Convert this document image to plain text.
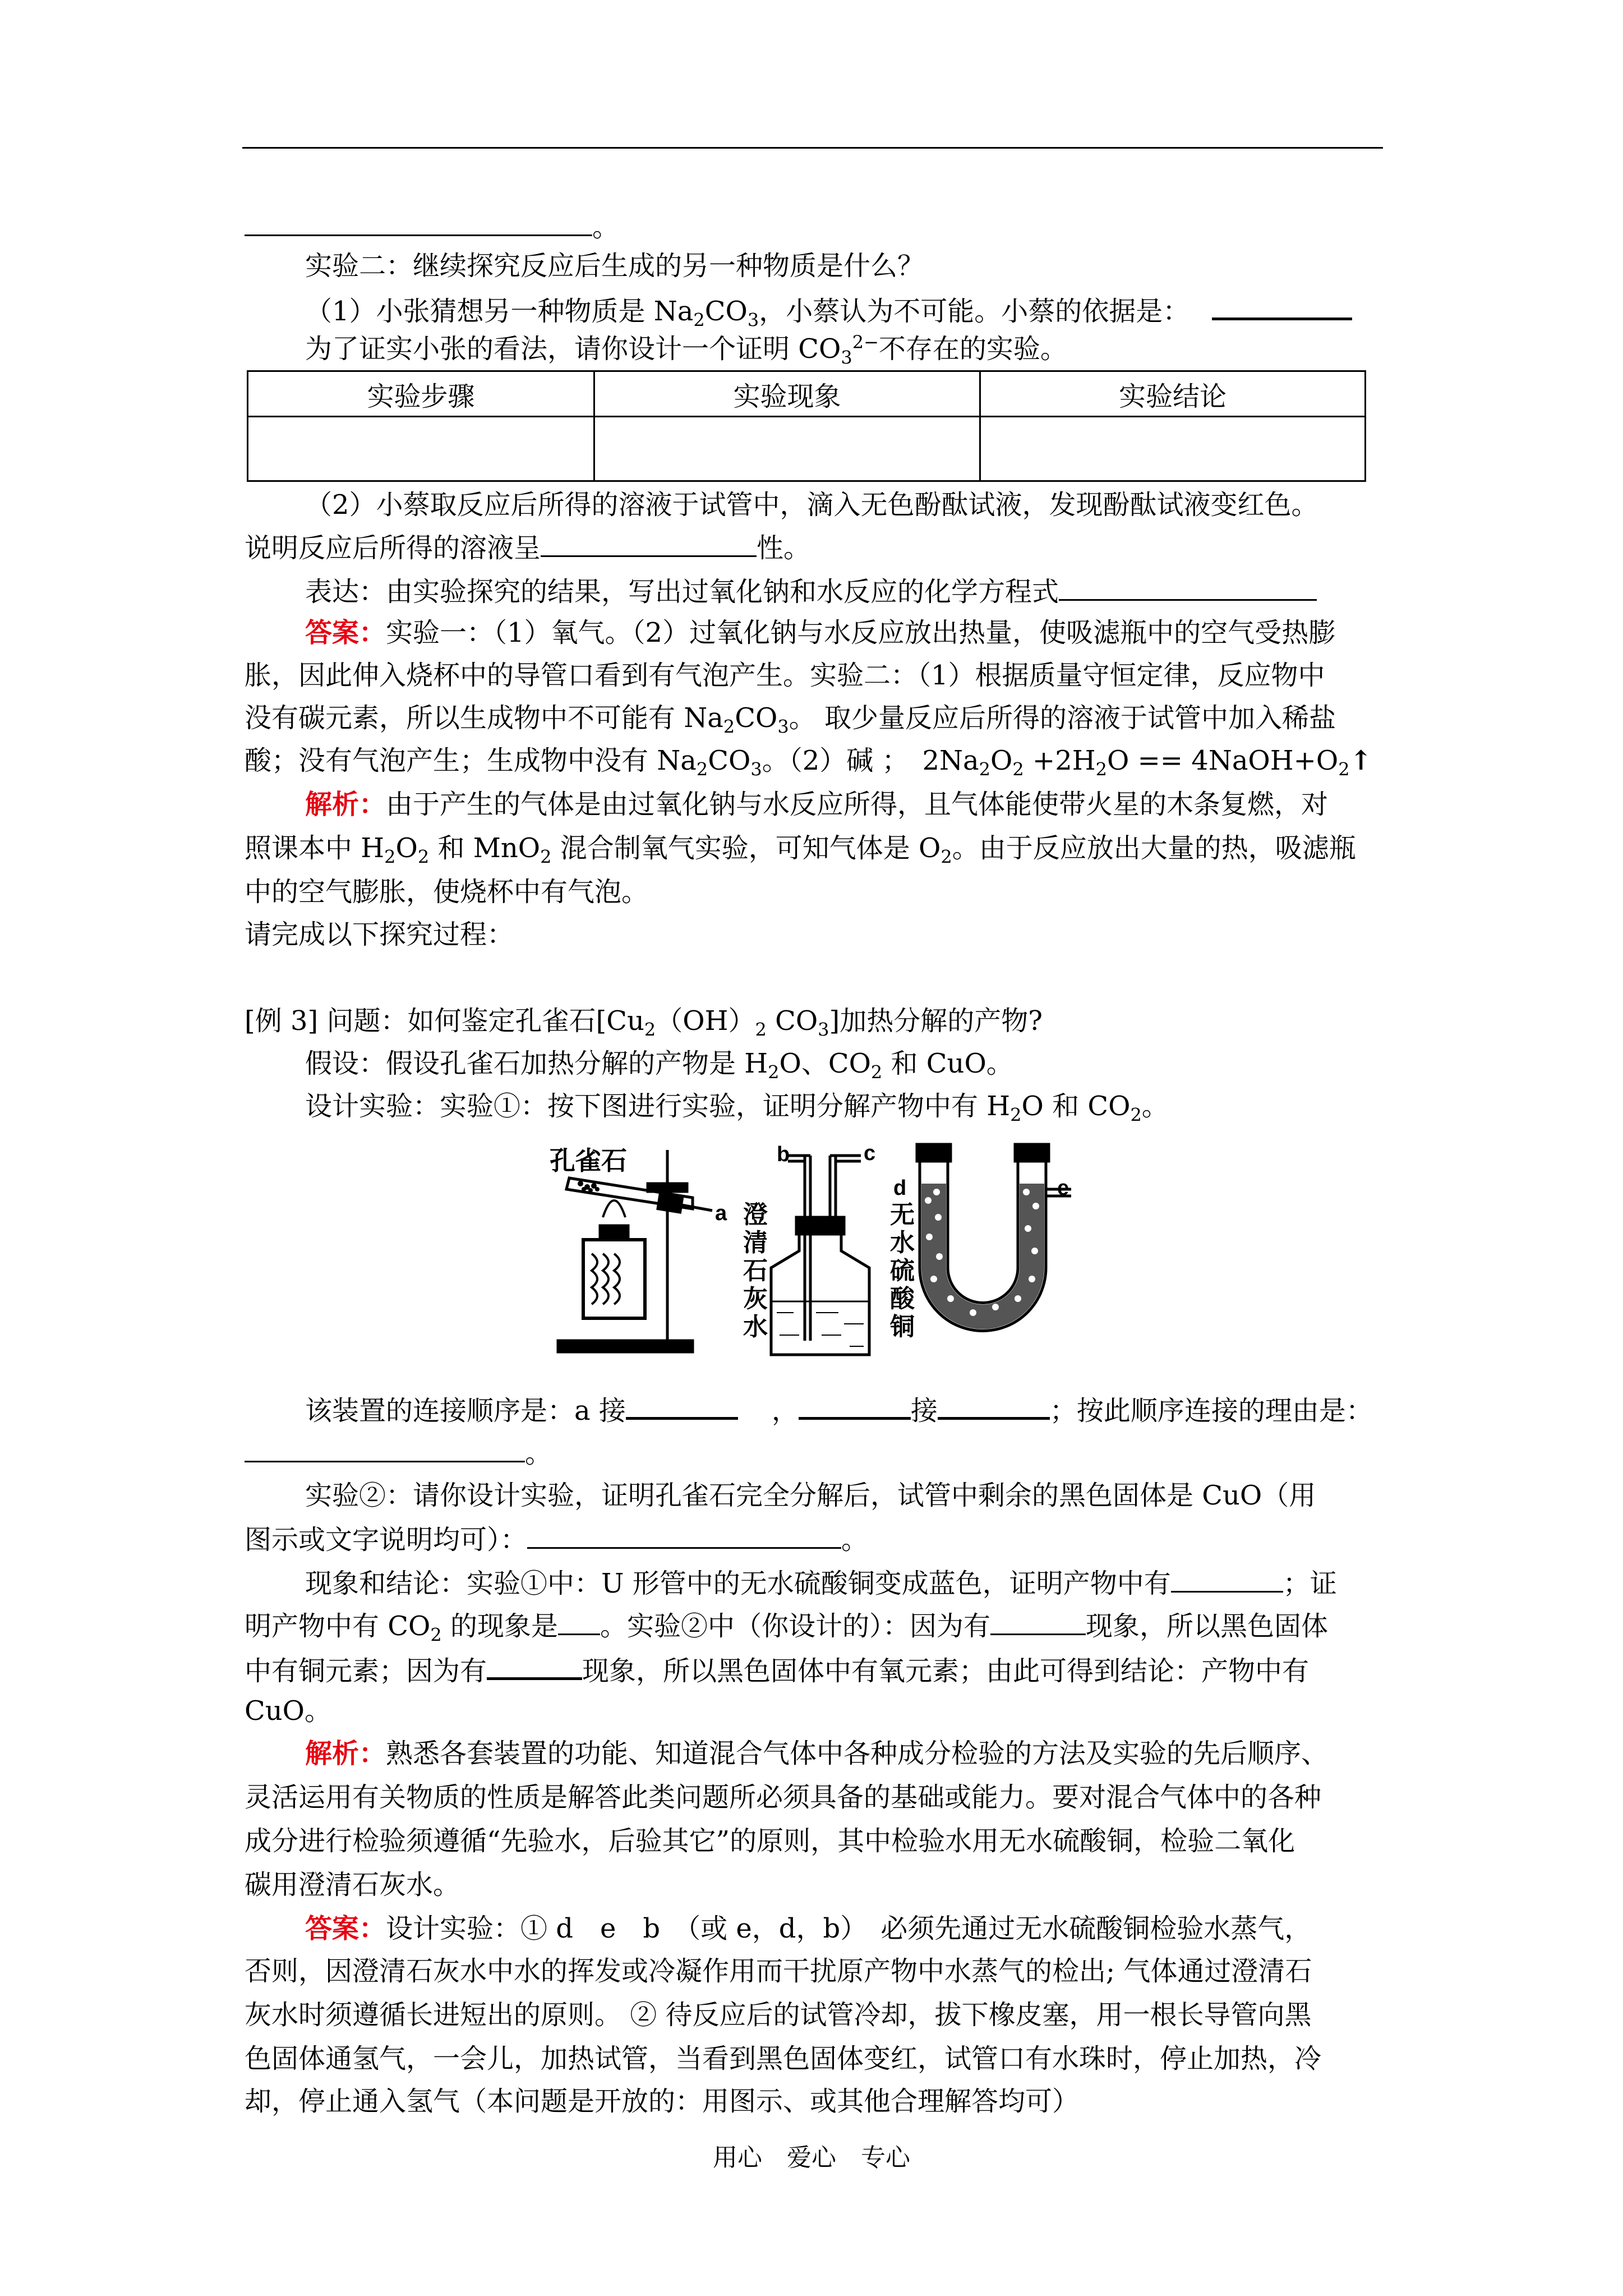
。
实验二：继续探究反应后生成的另一种物质是什么？
（1）小张猜想另一种物质是 $Na_2CO_3$，小蔡认为不可能。小蔡的依据是：
为了证实小张的看法，请你设计一个证明 $CO_3^{2-}$不存在的实验。
实验步骤	实验现象	实验结论

（2）小蔡取反应后所得的溶液于试管中，滴入无色酚酞试液，发现酚酞试液变红色。
说明反应后所得的溶液呈	性。
表达：由实验探究的结果，写出过氧化钠和水反应的化学方程式
答案：实验一：（1）氧气。（2）过氧化钠与水反应放出热量，使吸滤瓶中的空气受热膨
胀，因此伸入烧杯中的导管口看到有气泡产生。实验二：（1）根据质量守恒定律，反应物中
没有碳元素，所以生成物中不可能有 $Na_2CO_3$。 取少量反应后所得的溶液于试管中加入稀盐
酸；没有气泡产生；生成物中没有 $Na_2CO_3$。（2）碱 ；　$2Na_2O_2 +2H_2O$ == $4NaOH+O_2↑$
解析：由于产生的气体是由过氧化钠与水反应所得，且气体能使带火星的木条复燃，对
照课本中 $H_2O_2$ 和 MnO$_2$ 混合制氧气实验，可知气体是 $O_2$。由于反应放出大量的热，吸滤瓶
中的空气膨胀，使烧杯中有气泡。
请完成以下探究过程：
[例 3] 问题：如何鉴定孔雀石[$Cu_2(OH)_2$ $CO_3$]加热分解的产物?
假设：假设孔雀石加热分解的产物是 $H_2O$、$CO_2$ 和 CuO。
设计实验：实验①：按下图进行实验，证明分解产物中有 $H_2O$ 和 $CO_2$。
孔雀石
a
b	c
澄
清
石
灰
水
d	e
无
水
硫
酸
铜
该装置的连接顺序是：a 接	，	接	；按此顺序连接的理由是：
。
实验②：请你设计实验，证明孔雀石完全分解后，试管中剩余的黑色固体是 CuO（用
图示或文字说明均可）：	。
现象和结论：实验①中：U 形管中的无水硫酸铜变成蓝色，证明产物中有	；证
明产物中有 $CO_2$ 的现象是 。实验②中（你设计的）：因为有	现象，所以黑色固体
中有铜元素；因为有	现象，所以黑色固体中有氧元素；由此可得到结论：产物中有
CuO。
解析：熟悉各套装置的功能、知道混合气体中各种成分检验的方法及实验的先后顺序、
灵活运用有关物质的性质是解答此类问题所必须具备的基础或能力。要对混合气体中的各种
成分进行检验须遵循“先验水，后验其它”的原则，其中检验水用无水硫酸铜，检验二氧化
碳用澄清石灰水。
答案：设计实验：① d　e　b　（或 e，d，b）　必须先通过无水硫酸铜检验水蒸气，
否则，因澄清石灰水中水的挥发或冷凝作用而干扰原产物中水蒸气的检出; 气体通过澄清石
灰水时须遵循长进短出的原则。 ② 待反应后的试管冷却，拔下橡皮塞，用一根长导管向黑
色固体通氢气，一会儿，加热试管，当看到黑色固体变红，试管口有水珠时，停止加热，冷
却，停止通入氢气（本问题是开放的：用图示、或其他合理解答均可）
用心　爱心　专心
